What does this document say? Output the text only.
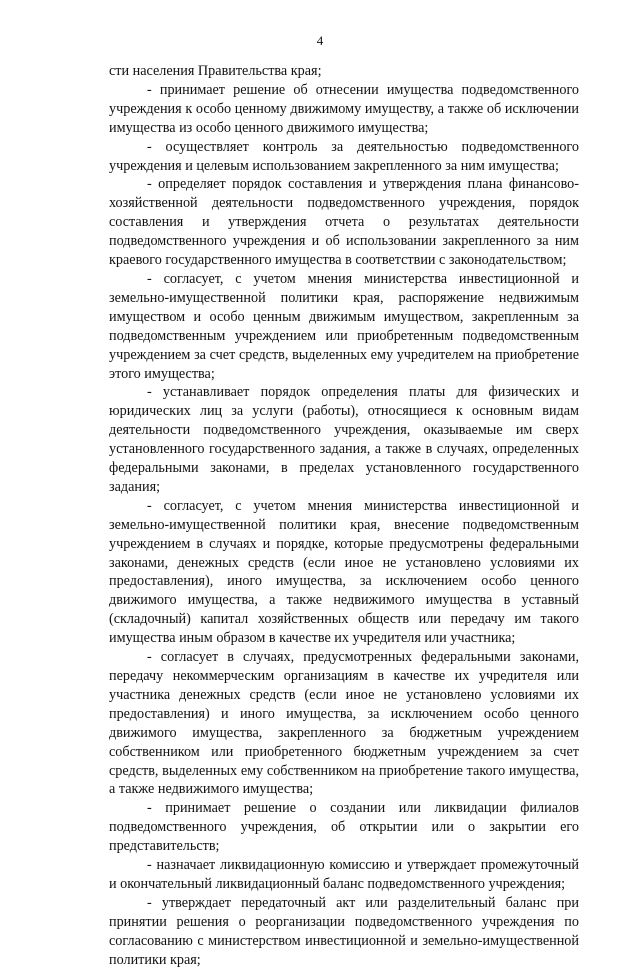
4

сти населения Правительства края;

- принимает решение об отнесении имущества подведомственного учреждения к особо ценному движимому имуществу, а также об исключении имущества из особо ценного движимого имущества;

- осуществляет контроль за деятельностью подведомственного учреждения и целевым использованием закрепленного за ним имущества;

- определяет порядок составления и утверждения плана финансово-хозяйственной деятельности подведомственного учреждения, порядок составления и утверждения отчета о результатах деятельности подведомственного учреждения и об использовании закрепленного за ним краевого государственного имущества в соответствии с законодательством;

- согласует, с учетом мнения министерства инвестиционной и земельно-имущественной политики края, распоряжение недвижимым имуществом и особо ценным движимым имуществом, закрепленным за подведомственным учреждением или приобретенным подведомственным учреждением за счет средств, выделенных ему учредителем на приобретение этого имущества;

- устанавливает порядок определения платы для физических и юридических лиц за услуги (работы), относящиеся к основным видам деятельности подведомственного учреждения, оказываемые им сверх установленного государственного задания, а также в случаях, определенных федеральными законами, в пределах установленного государственного задания;

- согласует, с учетом мнения министерства инвестиционной и земельно-имущественной политики края, внесение подведомственным учреждением в случаях и порядке, которые предусмотрены федеральными законами, денежных средств (если иное не установлено условиями их предоставления), иного имущества, за исключением особо ценного движимого имущества, а также недвижимого имущества в уставный (складочный) капитал хозяйственных обществ или передачу им такого имущества иным образом в качестве их учредителя или участника;

- согласует в случаях, предусмотренных федеральными законами, передачу некоммерческим организациям в качестве их учредителя или участника денежных средств (если иное не установлено условиями их предоставления) и иного имущества, за исключением особо ценного движимого имущества, закрепленного за бюджетным учреждением собственником или приобретенного бюджетным учреждением за счет средств, выделенных ему собственником на приобретение такого имущества, а также недвижимого имущества;

- принимает решение о создании или ликвидации филиалов подведомственного учреждения, об открытии или о закрытии его представительств;

- назначает ликвидационную комиссию и утверждает промежуточный и окончательный ликвидационный баланс подведомственного учреждения;

- утверждает передаточный акт или разделительный баланс при принятии решения о реорганизации подведомственного учреждения по согласованию с министерством инвестиционной и земельно-имущественной политики края;
